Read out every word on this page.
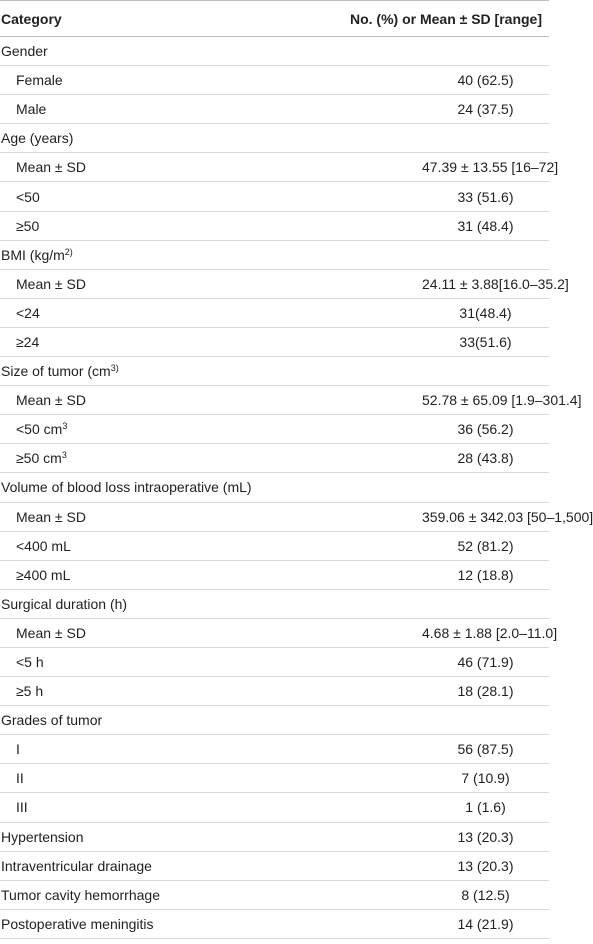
Category	No. (%) or Mean ± SD [range]
Gender	
Female	40 (62.5)
Male	24 (37.5)
Age (years)	
Mean ± SD	47.39 ± 13.55 [16–72]
<50	33 (51.6)
≥50	31 (48.4)
BMI ($kg/m^{2)}$	
Mean ± SD	24.11 ± 3.88[16.0–35.2]
<24	31(48.4)
≥24	33(51.6)
Size of tumor ($cm^{3)}$	
Mean ± SD	52.78 ± 65.09 [1.9–301.4]
<50 $cm^3$	36 (56.2)
≥50 $cm^3$	28 (43.8)
Volume of blood loss intraoperative (mL)	
Mean ± SD	359.06 ± 342.03 [50–1,500]
<400 mL	52 (81.2)
≥400 mL	12 (18.8)
Surgical duration (h)	
Mean ± SD	4.68 ± 1.88 [2.0–11.0]
<5 h	46 (71.9)
≥5 h	18 (28.1)
Grades of tumor	
I	56 (87.5)
II	7 (10.9)
III	1 (1.6)
Hypertension	13 (20.3)
Intraventricular drainage	13 (20.3)
Tumor cavity hemorrhage	8 (12.5)
Postoperative meningitis	14 (21.9)
